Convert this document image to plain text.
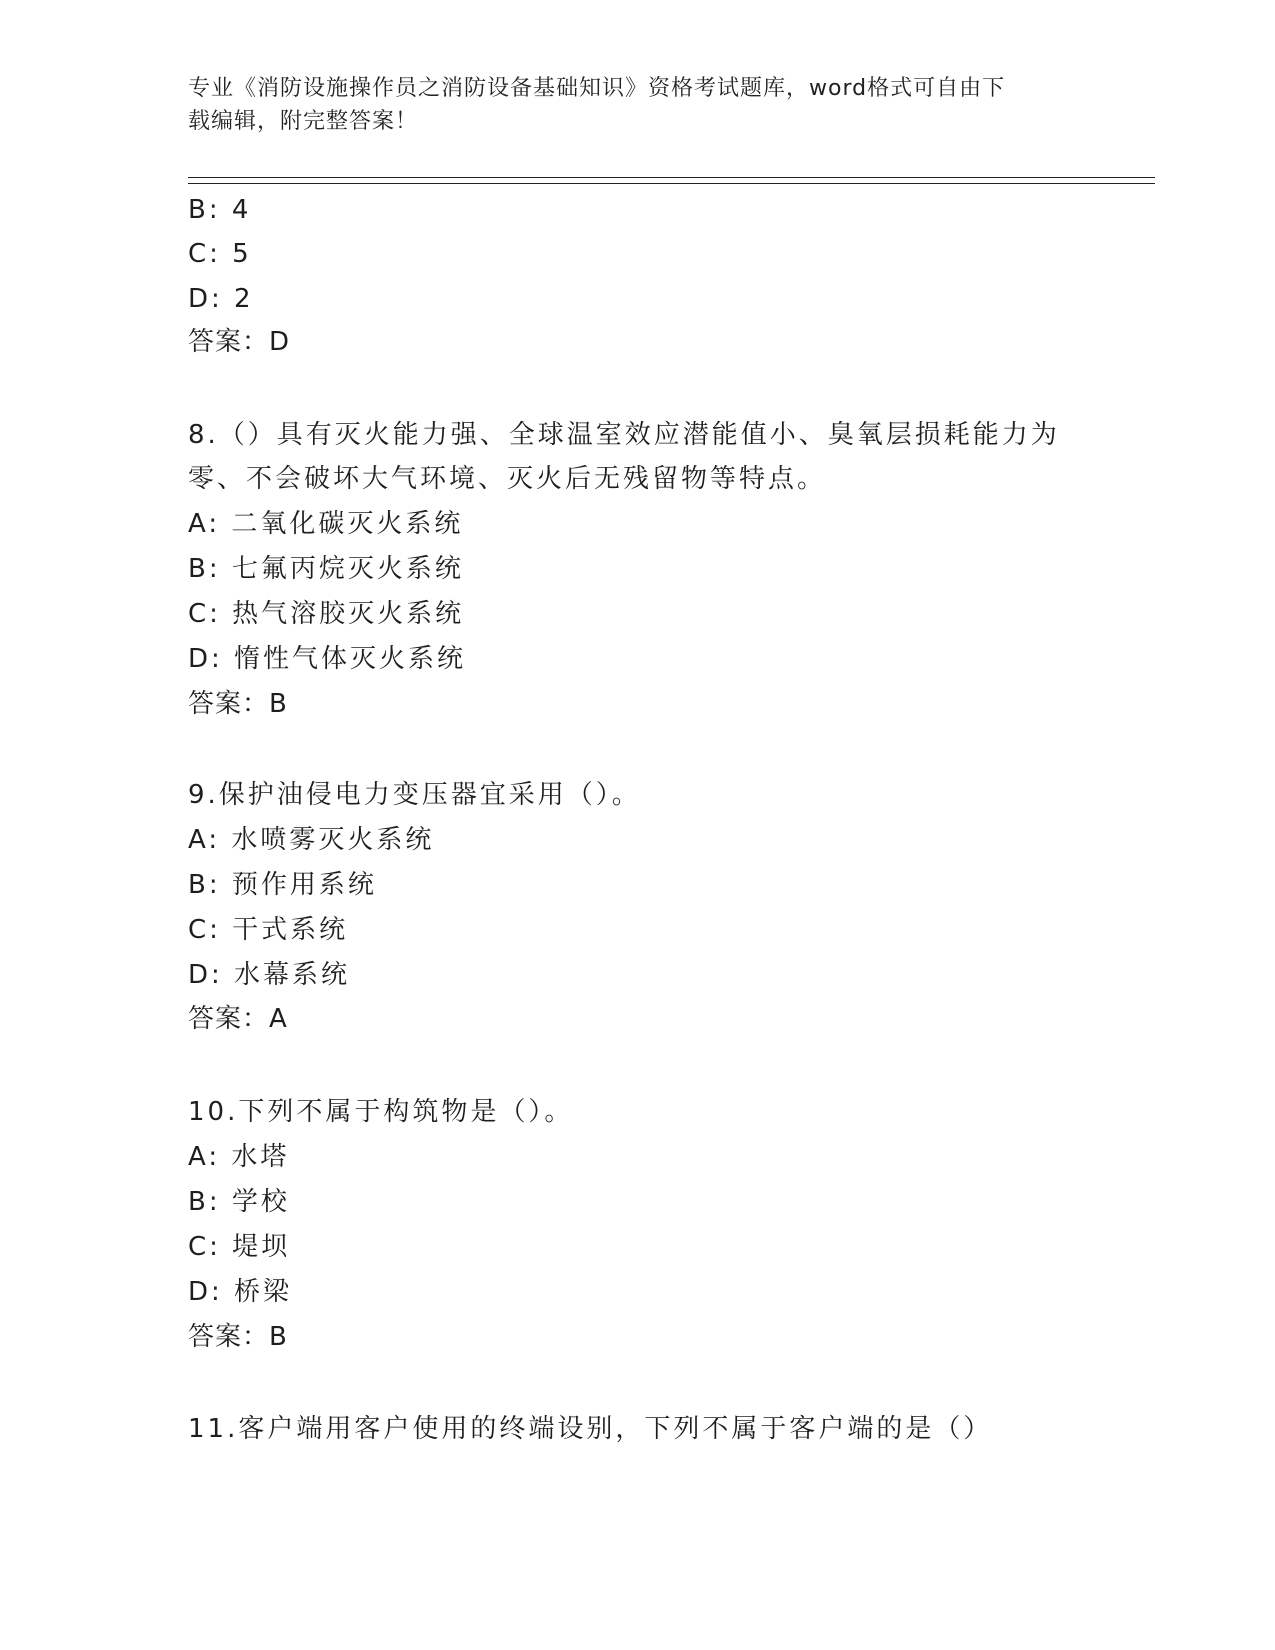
专业《消防设施操作员之消防设备基础知识》资格考试题库，word格式可自由下
载编辑，附完整答案！
B: 4
C: 5
D: 2
答案：D
8.（）具有灭火能力强、全球温室效应潜能值小、臭氧层损耗能力为
零、不会破坏大气环境、灭火后无残留物等特点。
A: 二氧化碳灭火系统
B: 七氟丙烷灭火系统
C: 热气溶胶灭火系统
D: 惰性气体灭火系统
答案：B
9.保护油侵电力变压器宜采用（）。
A: 水喷雾灭火系统
B: 预作用系统
C: 干式系统
D: 水幕系统
答案：A
10.下列不属于构筑物是（）。
A: 水塔
B: 学校
C: 堤坝
D: 桥梁
答案：B
11.客户端用客户使用的终端设别，下列不属于客户端的是（）
